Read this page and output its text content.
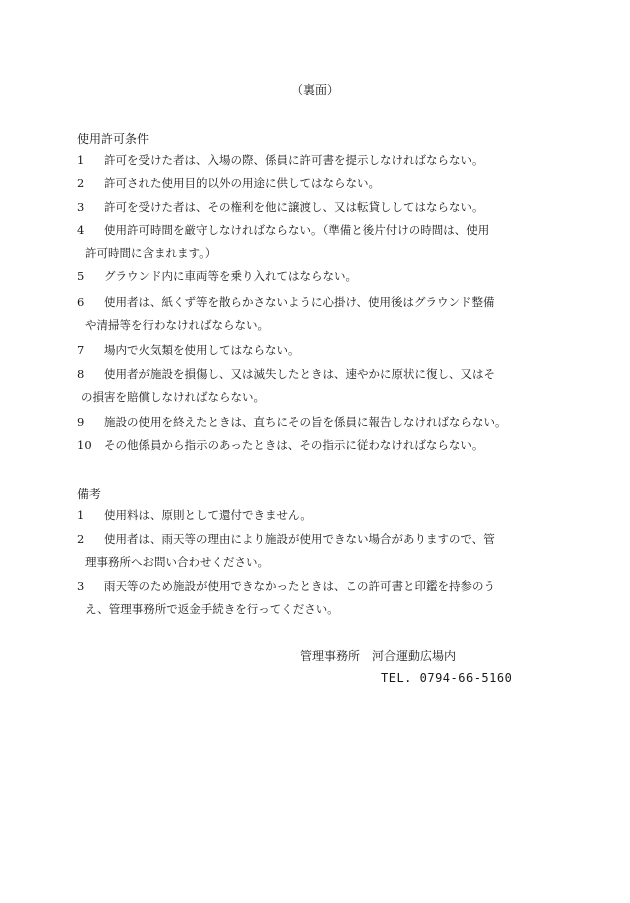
（裏面）
使用許可条件
1 許可を受けた者は、入場の際、係員に許可書を提示しなければならない。
2 許可された使用目的以外の用途に供してはならない。
3 許可を受けた者は、その権利を他に譲渡し、又は転貸ししてはならない。
4 使用許可時間を厳守しなければならない。（準備と後片付けの時間は、使用
許可時間に含まれます。）
5 グラウンド内に車両等を乗り入れてはならない。
6 使用者は、紙くず等を散らかさないように心掛け、使用後はグラウンド整備
や清掃等を行わなければならない。
7 場内で火気類を使用してはならない。
8 使用者が施設を損傷し、又は滅失したときは、速やかに原状に復し、又はそ
の損害を賠償しなければならない。
9 施設の使用を終えたときは、直ちにその旨を係員に報告しなければならない。
10 その他係員から指示のあったときは、その指示に従わなければならない。
備考
1 使用料は、原則として還付できません。
2 使用者は、雨天等の理由により施設が使用できない場合がありますので、管
理事務所へお問い合わせください。
3 雨天等のため施設が使用できなかったときは、この許可書と印鑑を持参のう
え、管理事務所で返金手続きを行ってください。
管理事務所　河合運動広場内
TEL. 0794-66-5160
